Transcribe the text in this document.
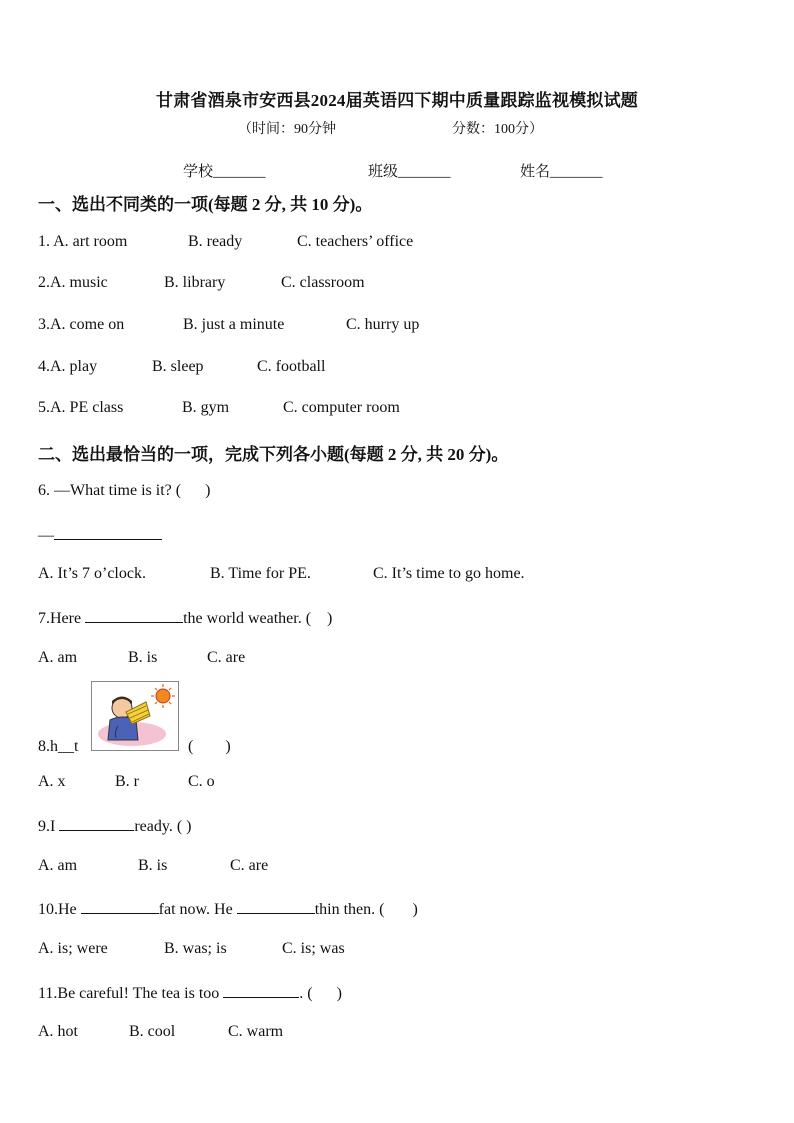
甘肃省酒泉市安西县2024届英语四下期中质量跟踪监视模拟试题
（时间：90分钟	分数：100分）
学校_______	班级_______	姓名_______
一、选出不同类的一项(每题 2 分, 共 10 分)。
1. A. art room	B. ready	C. teachers’ office
2.A. music	B. library	C. classroom
3.A. come on	B. just a minute	C. hurry up
4.A. play	B. sleep	C. football
5.A. PE class	B. gym	C. computer room
二、选出最恰当的一项，完成下列各小题(每题 2 分, 共 20 分)。
6. —What time is it? (      )
—
A. It’s 7 o’clock.	B. Time for PE.	C. It’s time to go home.
7.Here	the world weather. (    )
A. am	B. is	C. are
8.h__t	(        )
A. x	B. r	C. o
9.I	ready. ( )
A. am	B. is	C. are
10.He	fat now. He	thin then. (       )
A. is; were	B. was; is	C. is; was
11.Be careful! The tea is too	. (      )
A. hot	B. cool	C. warm
